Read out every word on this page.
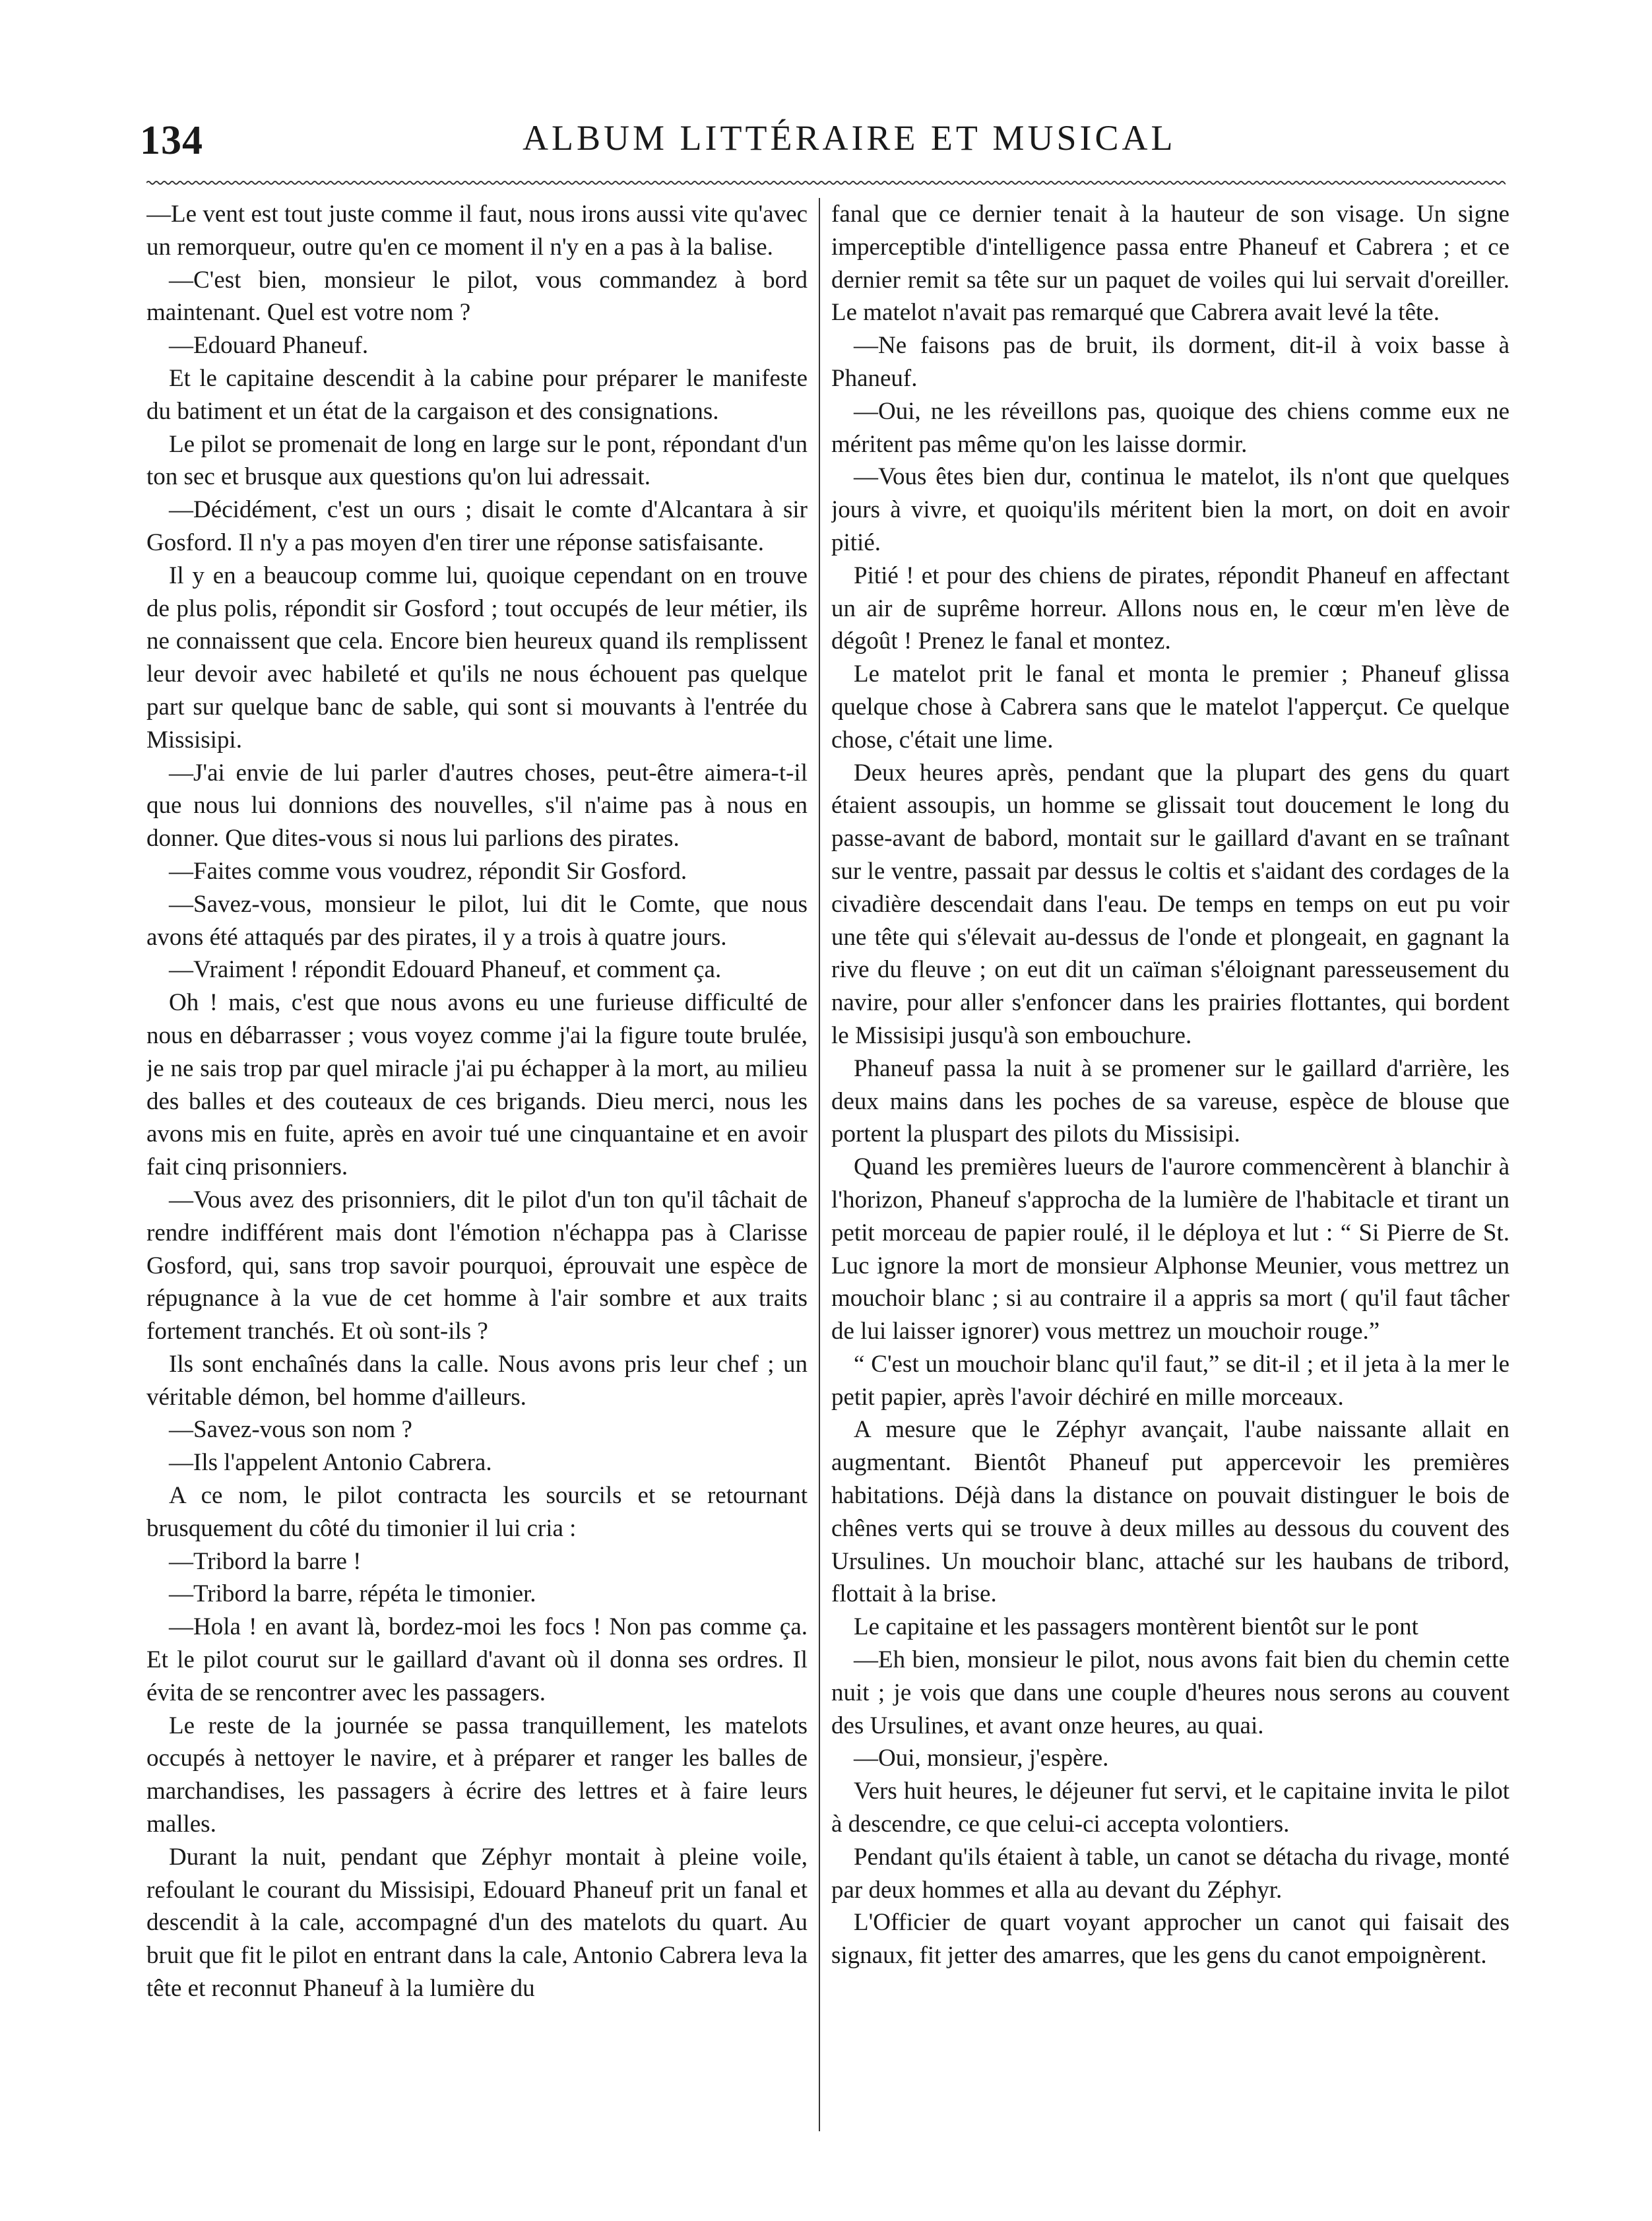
134	ALBUM LITTÉRAIRE ET MUSICAL

—Le vent est tout juste comme il faut, nous irons aussi vite qu'avec un remorqueur, outre qu'en ce moment il n'y en a pas à la balise.

—C'est bien, monsieur le pilot, vous commandez à bord maintenant. Quel est votre nom ?

—Edouard Phaneuf.

Et le capitaine descendit à la cabine pour préparer le manifeste du batiment et un état de la cargaison et des consignations.

Le pilot se promenait de long en large sur le pont, répondant d'un ton sec et brusque aux questions qu'on lui adressait.

—Décidément, c'est un ours ; disait le comte d'Alcantara à sir Gosford. Il n'y a pas moyen d'en tirer une réponse satisfaisante.

Il y en a beaucoup comme lui, quoique cependant on en trouve de plus polis, répondit sir Gosford ; tout occupés de leur métier, ils ne connaissent que cela. Encore bien heureux quand ils remplissent leur devoir avec habileté et qu'ils ne nous échouent pas quelque part sur quelque banc de sable, qui sont si mouvants à l'entrée du Missisipi.

—J'ai envie de lui parler d'autres choses, peut-être aimera-t-il que nous lui donnions des nouvelles, s'il n'aime pas à nous en donner. Que dites-vous si nous lui parlions des pirates.

—Faites comme vous voudrez, répondit Sir Gosford.

—Savez-vous, monsieur le pilot, lui dit le Comte, que nous avons été attaqués par des pirates, il y a trois à quatre jours.

—Vraiment ! répondit Edouard Phaneuf, et comment ça.

Oh ! mais, c'est que nous avons eu une furieuse difficulté de nous en débarrasser ; vous voyez comme j'ai la figure toute brulée, je ne sais trop par quel miracle j'ai pu échapper à la mort, au milieu des balles et des couteaux de ces brigands. Dieu merci, nous les avons mis en fuite, après en avoir tué une cinquantaine et en avoir fait cinq prisonniers.

—Vous avez des prisonniers, dit le pilot d'un ton qu'il tâchait de rendre indifférent mais dont l'émotion n'échappa pas à Clarisse Gosford, qui, sans trop savoir pourquoi, éprouvait une espèce de répugnance à la vue de cet homme à l'air sombre et aux traits fortement tranchés. Et où sont-ils ?

Ils sont enchaînés dans la calle. Nous avons pris leur chef ; un véritable démon, bel homme d'ailleurs.

—Savez-vous son nom ?

—Ils l'appelent Antonio Cabrera.

A ce nom, le pilot contracta les sourcils et se retournant brusquement du côté du timonier il lui cria :

—Tribord la barre !

—Tribord la barre, répéta le timonier.

—Hola ! en avant là, bordez-moi les focs ! Non pas comme ça. Et le pilot courut sur le gaillard d'avant où il donna ses ordres. Il évita de se rencontrer avec les passagers.

Le reste de la journée se passa tranquillement, les matelots occupés à nettoyer le navire, et à préparer et ranger les balles de marchandises, les passagers à écrire des lettres et à faire leurs malles.

Durant la nuit, pendant que Zéphyr montait à pleine voile, refoulant le courant du Missisipi, Edouard Phaneuf prit un fanal et descendit à la cale, accompagné d'un des matelots du quart. Au bruit que fit le pilot en entrant dans la cale, Antonio Cabrera leva la tête et reconnut Phaneuf à la lumière du

fanal que ce dernier tenait à la hauteur de son visage. Un signe imperceptible d'intelligence passa entre Phaneuf et Cabrera ; et ce dernier remit sa tête sur un paquet de voiles qui lui servait d'oreiller. Le matelot n'avait pas remarqué que Cabrera avait levé la tête.

—Ne faisons pas de bruit, ils dorment, dit-il à voix basse à Phaneuf.

—Oui, ne les réveillons pas, quoique des chiens comme eux ne méritent pas même qu'on les laisse dormir.

—Vous êtes bien dur, continua le matelot, ils n'ont que quelques jours à vivre, et quoiqu'ils méritent bien la mort, on doit en avoir pitié.

Pitié ! et pour des chiens de pirates, répondit Phaneuf en affectant un air de suprême horreur. Allons nous en, le cœur m'en lève de dégoût ! Prenez le fanal et montez.

Le matelot prit le fanal et monta le premier ; Phaneuf glissa quelque chose à Cabrera sans que le matelot l'apperçut. Ce quelque chose, c'était une lime.

Deux heures après, pendant que la plupart des gens du quart étaient assoupis, un homme se glissait tout doucement le long du passe-avant de babord, montait sur le gaillard d'avant en se traînant sur le ventre, passait par dessus le coltis et s'aidant des cordages de la civadière descendait dans l'eau. De temps en temps on eut pu voir une tête qui s'élevait au-dessus de l'onde et plongeait, en gagnant la rive du fleuve ; on eut dit un caïman s'éloignant paresseusement du navire, pour aller s'enfoncer dans les prairies flottantes, qui bordent le Missisipi jusqu'à son embouchure.

Phaneuf passa la nuit à se promener sur le gaillard d'arrière, les deux mains dans les poches de sa vareuse, espèce de blouse que portent la pluspart des pilots du Missisipi.

Quand les premières lueurs de l'aurore commencèrent à blanchir à l'horizon, Phaneuf s'approcha de la lumière de l'habitacle et tirant un petit morceau de papier roulé, il le déploya et lut : “ Si Pierre de St. Luc ignore la mort de monsieur Alphonse Meunier, vous mettrez un mouchoir blanc ; si au contraire il a appris sa mort ( qu'il faut tâcher de lui laisser ignorer) vous mettrez un mouchoir rouge.”

“ C'est un mouchoir blanc qu'il faut,” se dit-il ; et il jeta à la mer le petit papier, après l'avoir déchiré en mille morceaux.

A mesure que le Zéphyr avançait, l'aube naissante allait en augmentant. Bientôt Phaneuf put appercevoir les premières habitations. Déjà dans la distance on pouvait distinguer le bois de chênes verts qui se trouve à deux milles au dessous du couvent des Ursulines. Un mouchoir blanc, attaché sur les haubans de tribord, flottait à la brise.

Le capitaine et les passagers montèrent bientôt sur le pont

—Eh bien, monsieur le pilot, nous avons fait bien du chemin cette nuit ; je vois que dans une couple d'heures nous serons au couvent des Ursulines, et avant onze heures, au quai.

—Oui, monsieur, j'espère.

Vers huit heures, le déjeuner fut servi, et le capitaine invita le pilot à descendre, ce que celui-ci accepta volontiers.

Pendant qu'ils étaient à table, un canot se détacha du rivage, monté par deux hommes et alla au devant du Zéphyr.

L'Officier de quart voyant approcher un canot qui faisait des signaux, fit jetter des amarres, que les gens du canot empoignèrent.
